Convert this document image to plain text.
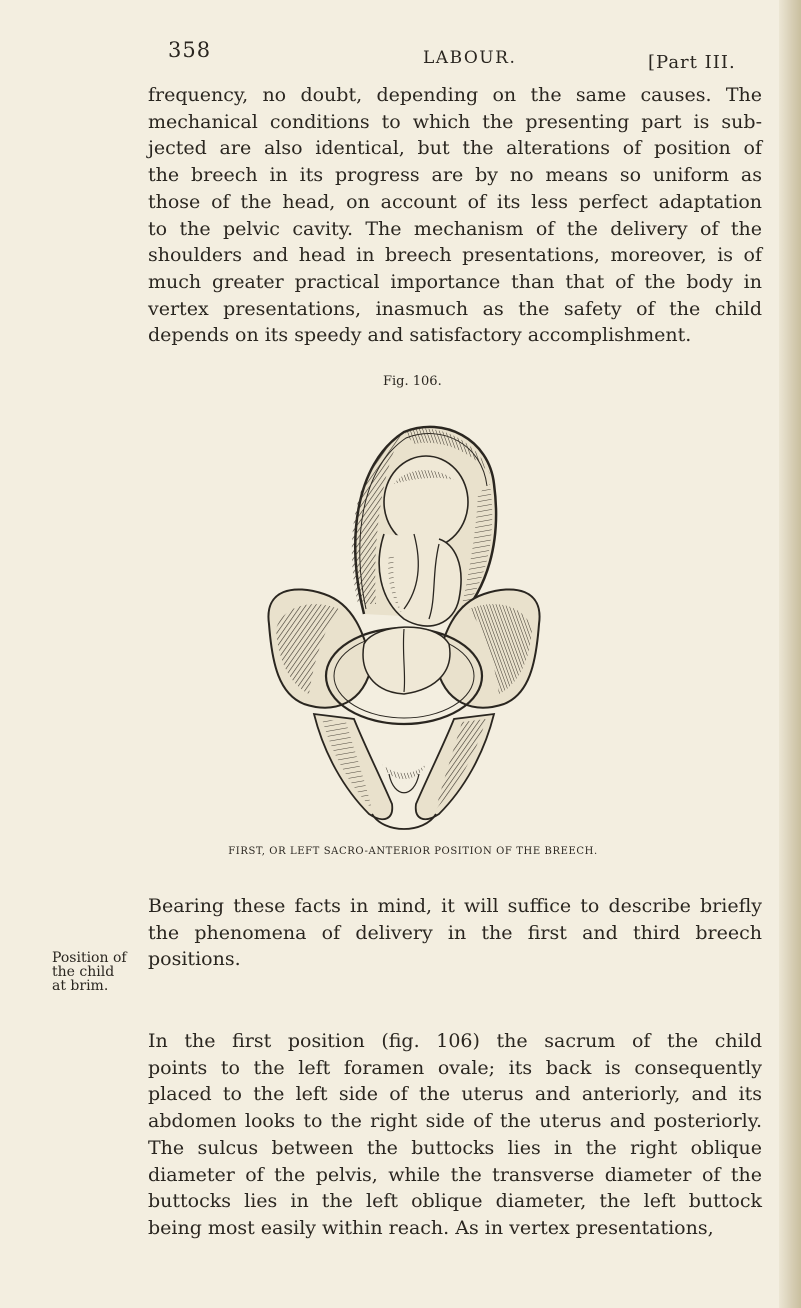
358	LABOUR.	[Part III.
frequency, no doubt, depending on the same causes. The
mechanical conditions to which the presenting part is sub-
jected are also identical, but the alterations of position of
the breech in its progress are by no means so uniform as
those of the head, on account of its less perfect adaptation
to the pelvic cavity. The mechanism of the delivery of the
shoulders and head in breech presentations, moreover, is of
much greater practical importance than that of the body in
vertex presentations, inasmuch as the safety of the child
depends on its speedy and satisfactory accomplishment.
Fig. 106.
FIRST, OR LEFT SACRO-ANTERIOR POSITION OF THE BREECH.
Bearing these facts in mind, it will suffice to describe briefly
the phenomena of delivery in the first and third breech
positions.
Position of
the child
at brim.
In the first position (fig. 106) the sacrum of the child
points to the left foramen ovale; its back is consequently
placed to the left side of the uterus and anteriorly, and its
abdomen looks to the right side of the uterus and posteriorly.
The sulcus between the buttocks lies in the right oblique
diameter of the pelvis, while the transverse diameter of the
buttocks lies in the left oblique diameter, the left buttock
being most easily within reach. As in vertex presentations,
